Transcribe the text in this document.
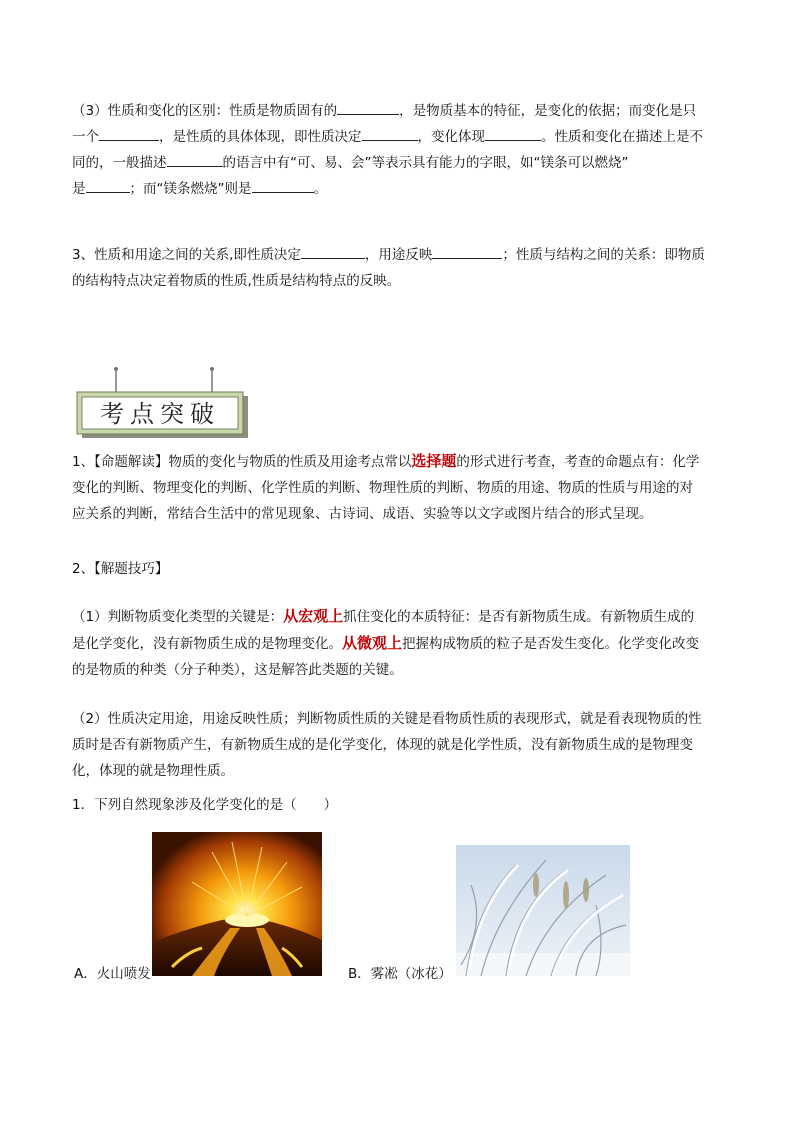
（3）性质和变化的区别：性质是物质固有的	，是物质基本的特征，是变化的依据；而变化是只
一个	，是性质的具体体现，即性质决定	，变化体现	。性质和变化在描述上是不
同的，一般描述	的语言中有“可、易、会”等表示具有能力的字眼，如“镁条可以燃烧”
是	；而“镁条燃烧”则是	。

3、性质和用途之间的关系,即性质决定	，用途反映	；性质与结构之间的关系：即物质
的结构特点决定着物质的性质,性质是结构特点的反映。

考点突破

1、【命题解读】物质的变化与物质的性质及用途考点常以选择题的形式进行考查，考查的命题点有：化学
变化的判断、物理变化的判断、化学性质的判断、物理性质的判断、物质的用途、物质的性质与用途的对
应关系的判断，常结合生活中的常见现象、古诗词、成语、实验等以文字或图片结合的形式呈现。

2、【解题技巧】

（1）判断物质变化类型的关键是：从宏观上抓住变化的本质特征：是否有新物质生成。有新物质生成的
是化学变化，没有新物质生成的是物理变化。从微观上把握构成物质的粒子是否发生变化。化学变化改变
的是物质的种类（分子种类），这是解答此类题的关键。

（2）性质决定用途，用途反映性质；判断物质性质的关键是看物质性质的表现形式，就是看表现物质的性
质时是否有新物质产生，有新物质生成的是化学变化，体现的就是化学性质，没有新物质生成的是物理变
化，体现的就是物理性质。

1．下列自然现象涉及化学变化的是（　　）

A．火山喷发	B．雾凇（冰花）
